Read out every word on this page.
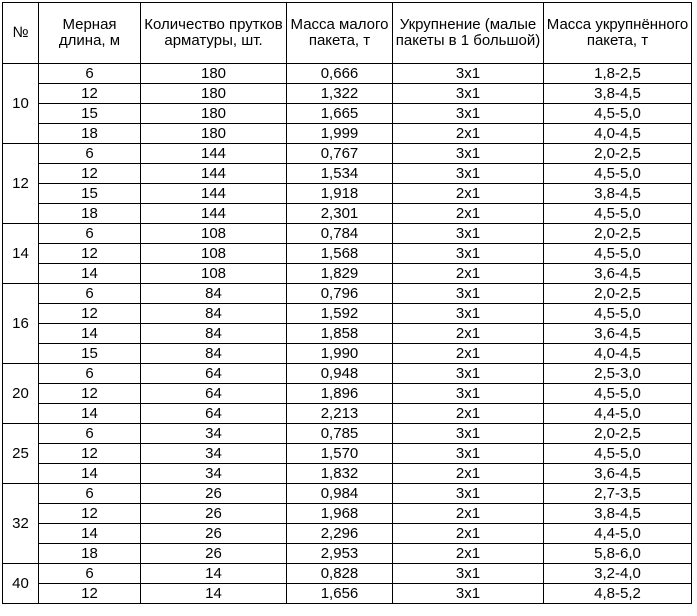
№	Мерная длина, м	Количество прутков арматуры, шт.	Масса малого пакета, т	Укрупнение (малые пакеты в 1 большой)	Масса укрупнённого пакета, т
10	6	180	0,666	3х1	1,8-2,5
	12	180	1,322	3х1	3,8-4,5
	15	180	1,665	3х1	4,5-5,0
	18	180	1,999	2х1	4,0-4,5
12	6	144	0,767	3х1	2,0-2,5
	12	144	1,534	3х1	4,5-5,0
	15	144	1,918	2х1	3,8-4,5
	18	144	2,301	2х1	4,5-5,0
14	6	108	0,784	3х1	2,0-2,5
	12	108	1,568	3х1	4,5-5,0
	14	108	1,829	2х1	3,6-4,5
16	6	84	0,796	3х1	2,0-2,5
	12	84	1,592	3х1	4,5-5,0
	14	84	1,858	2х1	3,6-4,5
	15	84	1,990	2х1	4,0-4,5
20	6	64	0,948	3х1	2,5-3,0
	12	64	1,896	3х1	4,5-5,0
	14	64	2,213	2х1	4,4-5,0
25	6	34	0,785	3х1	2,0-2,5
	12	34	1,570	3х1	4,5-5,0
	14	34	1,832	2х1	3,6-4,5
32	6	26	0,984	3х1	2,7-3,5
	12	26	1,968	2х1	3,8-4,5
	14	26	2,296	2х1	4,4-5,0
	18	26	2,953	2х1	5,8-6,0
40	6	14	0,828	3х1	3,2-4,0
	12	14	1,656	3х1	4,8-5,2
